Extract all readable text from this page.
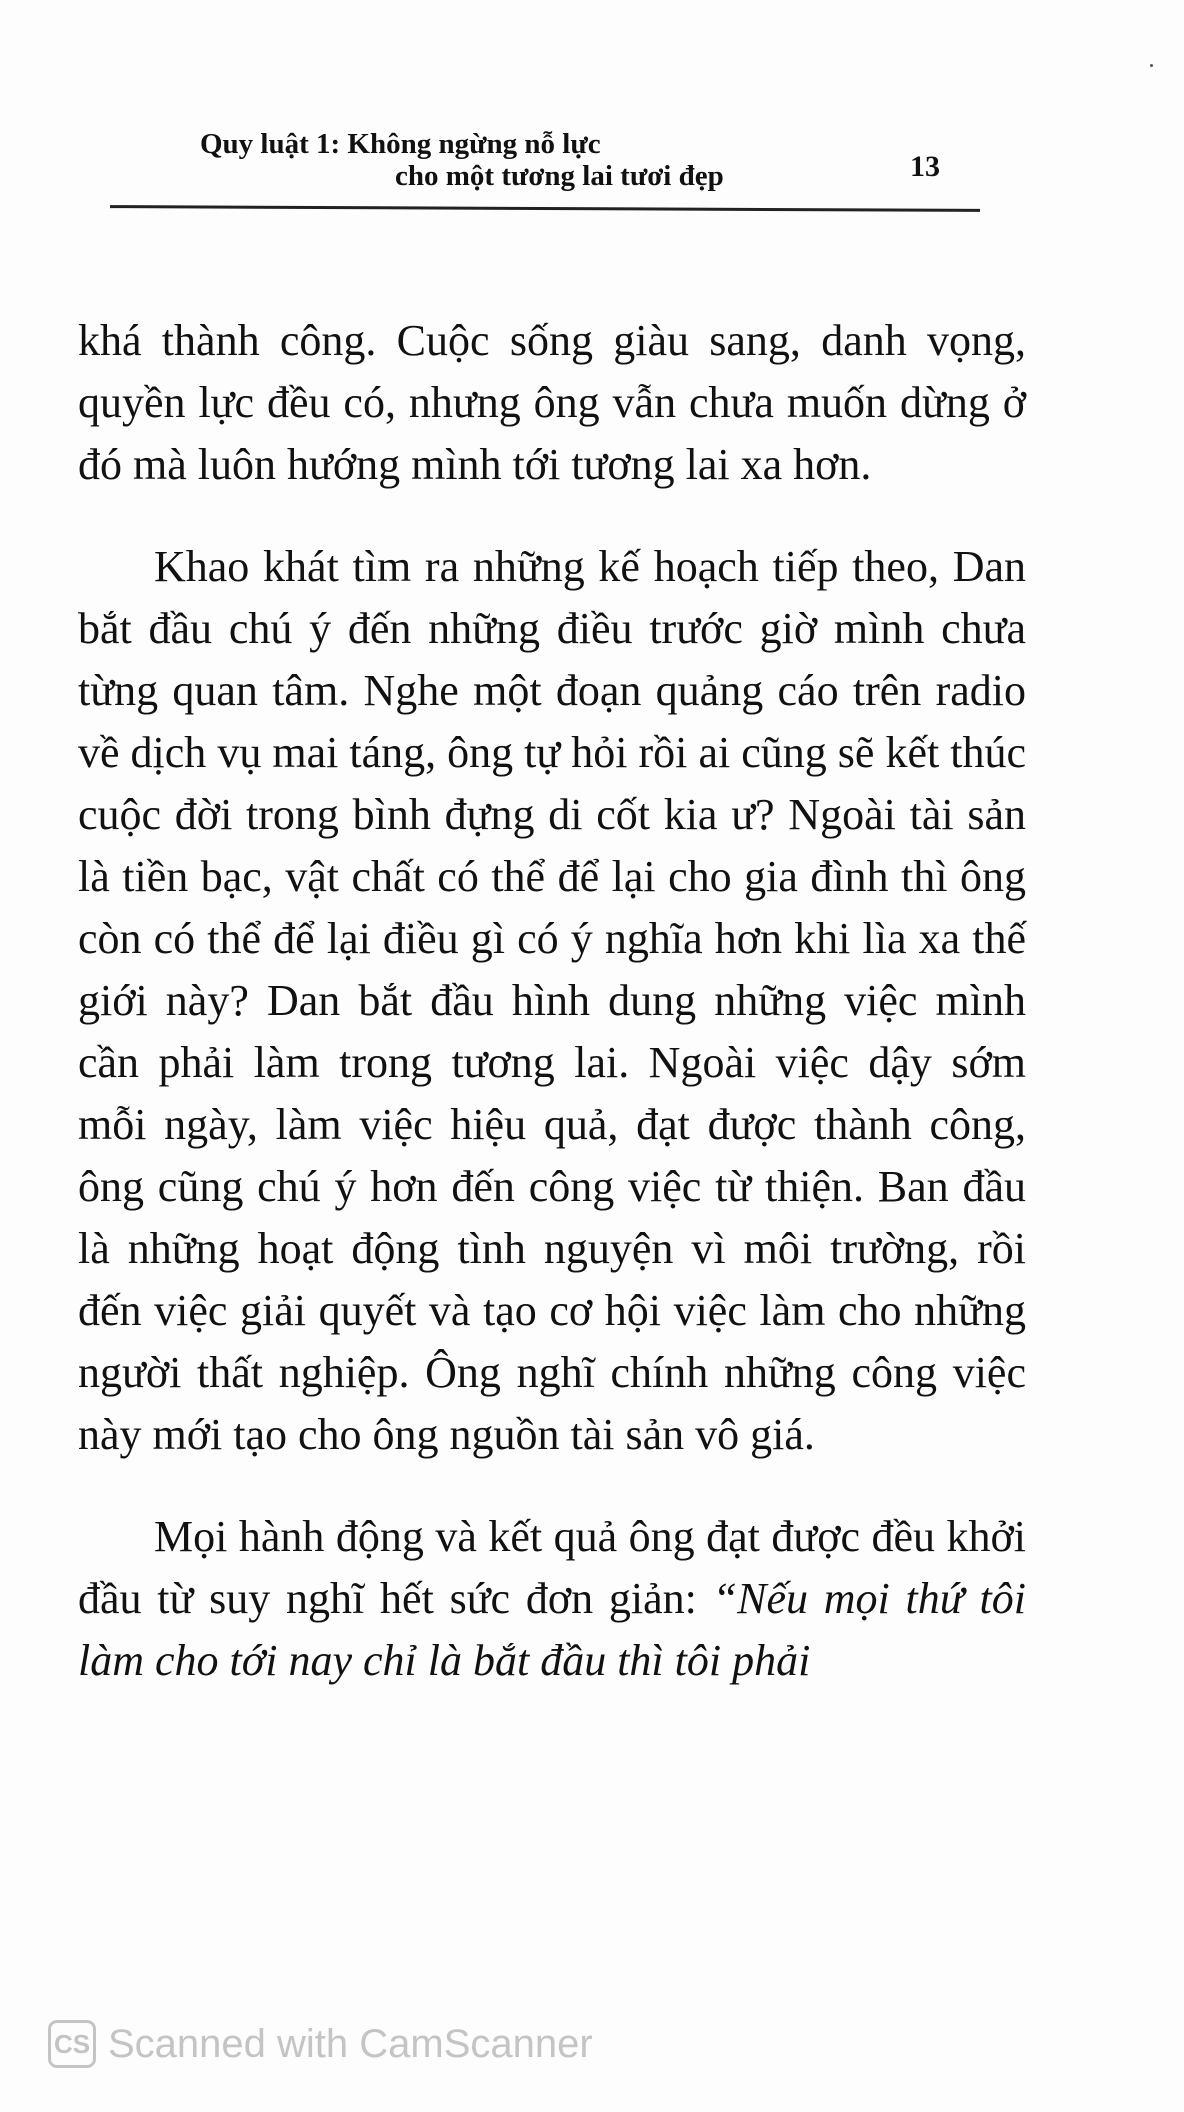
Quy luật 1: Không ngừng nỗ lực
cho một tương lai tươi đẹp	13

khá thành công. Cuộc sống giàu sang, danh vọng, quyền lực đều có, nhưng ông vẫn chưa muốn dừng ở đó mà luôn hướng mình tới tương lai xa hơn.

Khao khát tìm ra những kế hoạch tiếp theo, Dan bắt đầu chú ý đến những điều trước giờ mình chưa từng quan tâm. Nghe một đoạn quảng cáo trên radio về dịch vụ mai táng, ông tự hỏi rồi ai cũng sẽ kết thúc cuộc đời trong bình đựng di cốt kia ư? Ngoài tài sản là tiền bạc, vật chất có thể để lại cho gia đình thì ông còn có thể để lại điều gì có ý nghĩa hơn khi lìa xa thế giới này? Dan bắt đầu hình dung những việc mình cần phải làm trong tương lai. Ngoài việc dậy sớm mỗi ngày, làm việc hiệu quả, đạt được thành công, ông cũng chú ý hơn đến công việc từ thiện. Ban đầu là những hoạt động tình nguyện vì môi trường, rồi đến việc giải quyết và tạo cơ hội việc làm cho những người thất nghiệp. Ông nghĩ chính những công việc này mới tạo cho ông nguồn tài sản vô giá.

Mọi hành động và kết quả ông đạt được đều khởi đầu từ suy nghĩ hết sức đơn giản: “Nếu mọi thứ tôi làm cho tới nay chỉ là bắt đầu thì tôi phải

CS Scanned with CamScanner
